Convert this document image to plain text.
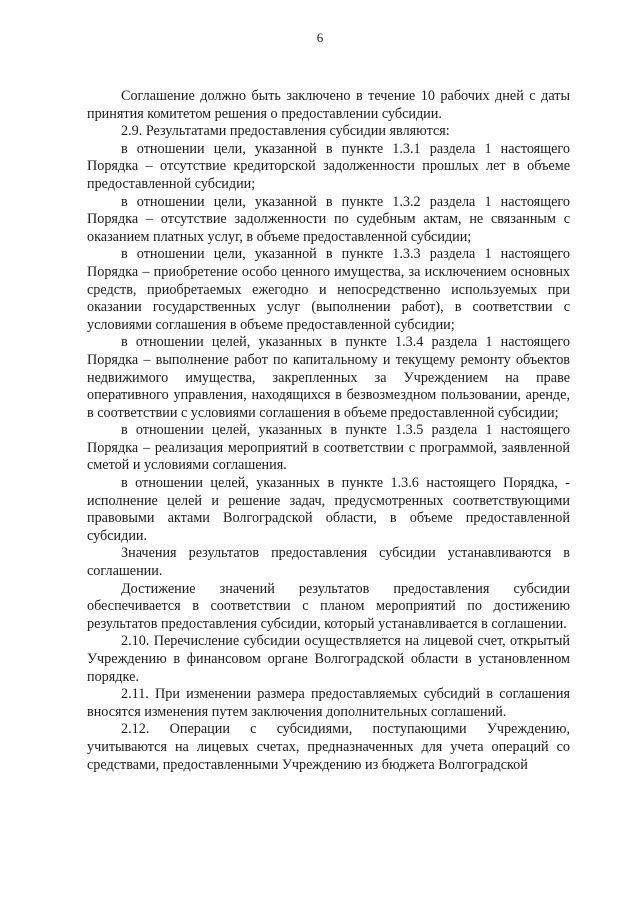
6

Соглашение должно быть заключено в течение 10 рабочих дней с даты принятия комитетом решения о предоставлении субсидии.

2.9. Результатами предоставления субсидии являются:

в отношении цели, указанной в пункте 1.3.1 раздела 1 настоящего Порядка – отсутствие кредиторской задолженности прошлых лет в объеме предоставленной субсидии;

в отношении цели, указанной в пункте 1.3.2 раздела 1 настоящего Порядка – отсутствие задолженности по судебным актам, не связанным с оказанием платных услуг, в объеме предоставленной субсидии;

в отношении цели, указанной в пункте 1.3.3 раздела 1 настоящего Порядка – приобретение особо ценного имущества, за исключением основных средств, приобретаемых ежегодно и непосредственно используемых при оказании государственных услуг (выполнении работ), в соответствии с условиями соглашения в объеме предоставленной субсидии;

в отношении целей, указанных в пункте 1.3.4 раздела 1 настоящего Порядка – выполнение работ по капитальному и текущему ремонту объектов недвижимого имущества, закрепленных за Учреждением на праве оперативного управления, находящихся в безвозмездном пользовании, аренде, в соответствии с условиями соглашения в объеме предоставленной субсидии;

в отношении целей, указанных в пункте 1.3.5 раздела 1 настоящего Порядка – реализация мероприятий в соответствии с программой, заявленной сметой и условиями соглашения.

в отношении целей, указанных в пункте 1.3.6 настоящего Порядка, - исполнение целей и решение задач, предусмотренных соответствующими правовыми актами Волгоградской области, в объеме предоставленной субсидии.

Значения результатов предоставления субсидии устанавливаются в соглашении.

Достижение значений результатов предоставления субсидии обеспечивается в соответствии с планом мероприятий по достижению результатов предоставления субсидии, который устанавливается в соглашении.

2.10. Перечисление субсидии осуществляется на лицевой счет, открытый Учреждению в финансовом органе Волгоградской области в установленном порядке.

2.11. При изменении размера предоставляемых субсидий в соглашения вносятся изменения путем заключения дополнительных соглашений.

2.12. Операции с субсидиями, поступающими Учреждению, учитываются на лицевых счетах, предназначенных для учета операций со средствами, предоставленными Учреждению из бюджета Волгоградской
